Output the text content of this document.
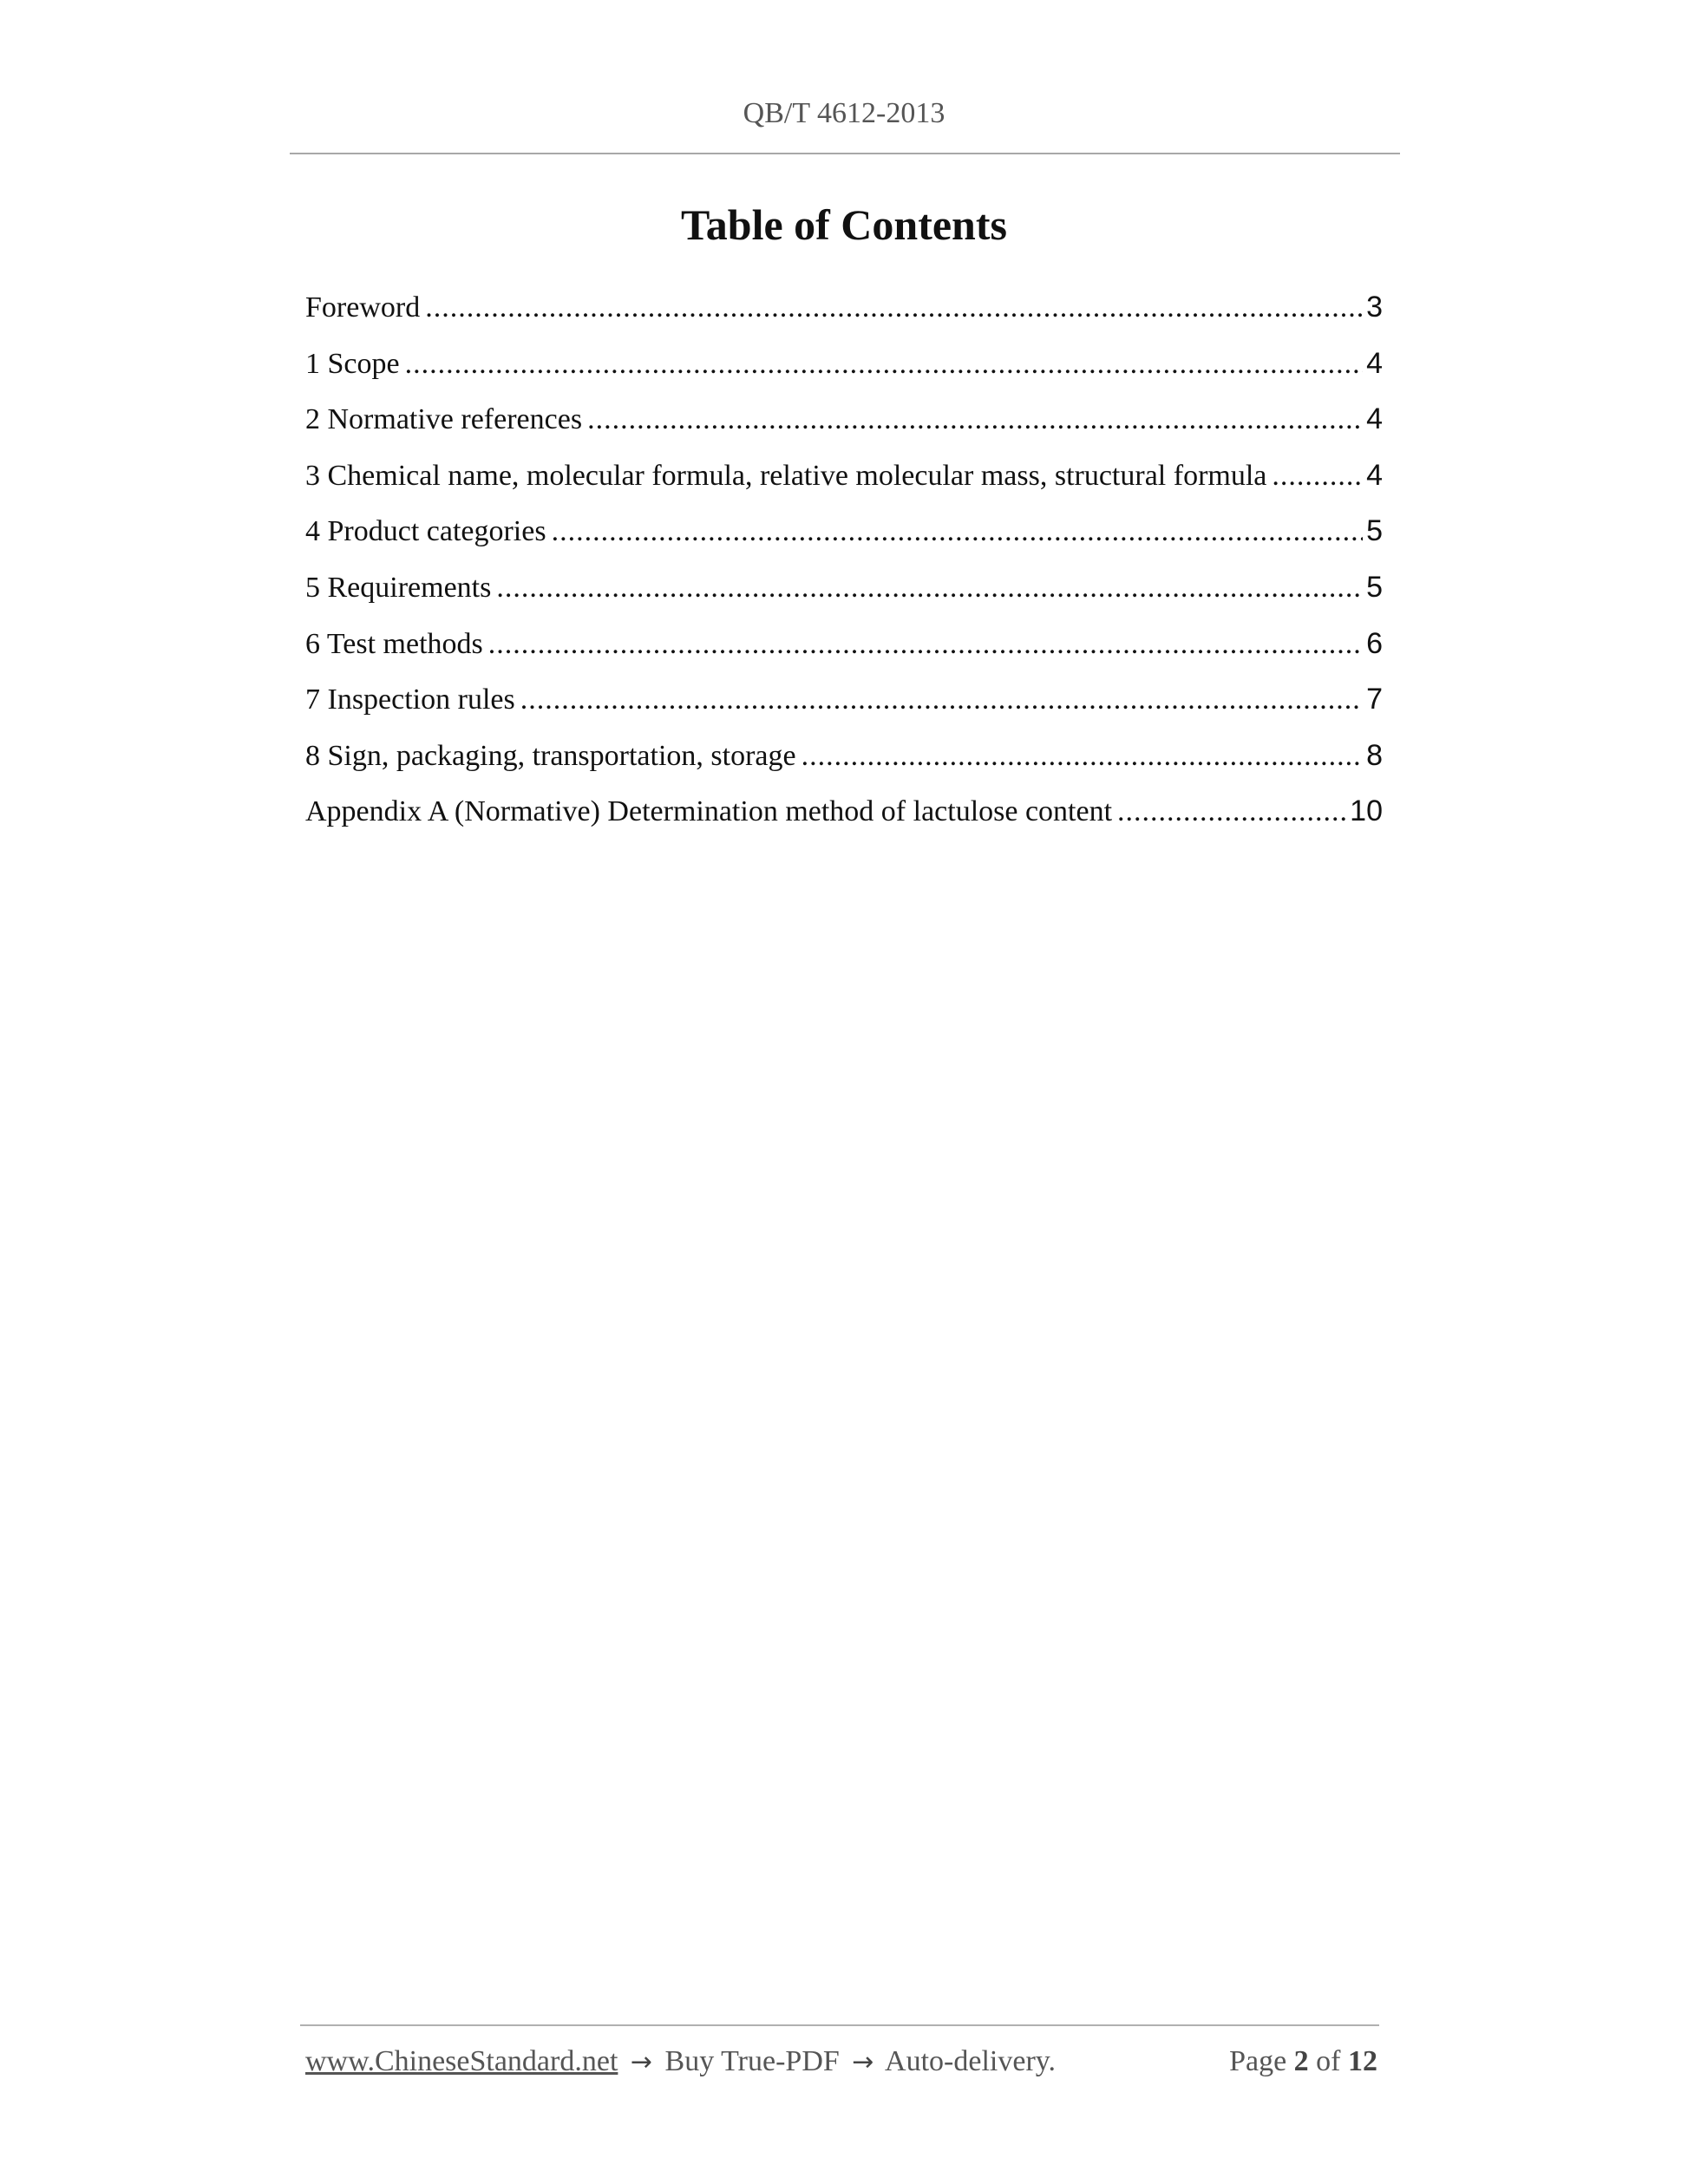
QB/T 4612-2013
Table of Contents
Foreword .....	3
1 Scope .....	4
2 Normative references .....	4
3 Chemical name, molecular formula, relative molecular mass, structural formula .....	4
4 Product categories .....	5
5 Requirements .....	5
6 Test methods .....	6
7 Inspection rules .....	7
8 Sign, packaging, transportation, storage .....	8
Appendix A (Normative) Determination method of lactulose content .....	10
www.ChineseStandard.net → Buy True-PDF → Auto-delivery.	Page 2 of 12
